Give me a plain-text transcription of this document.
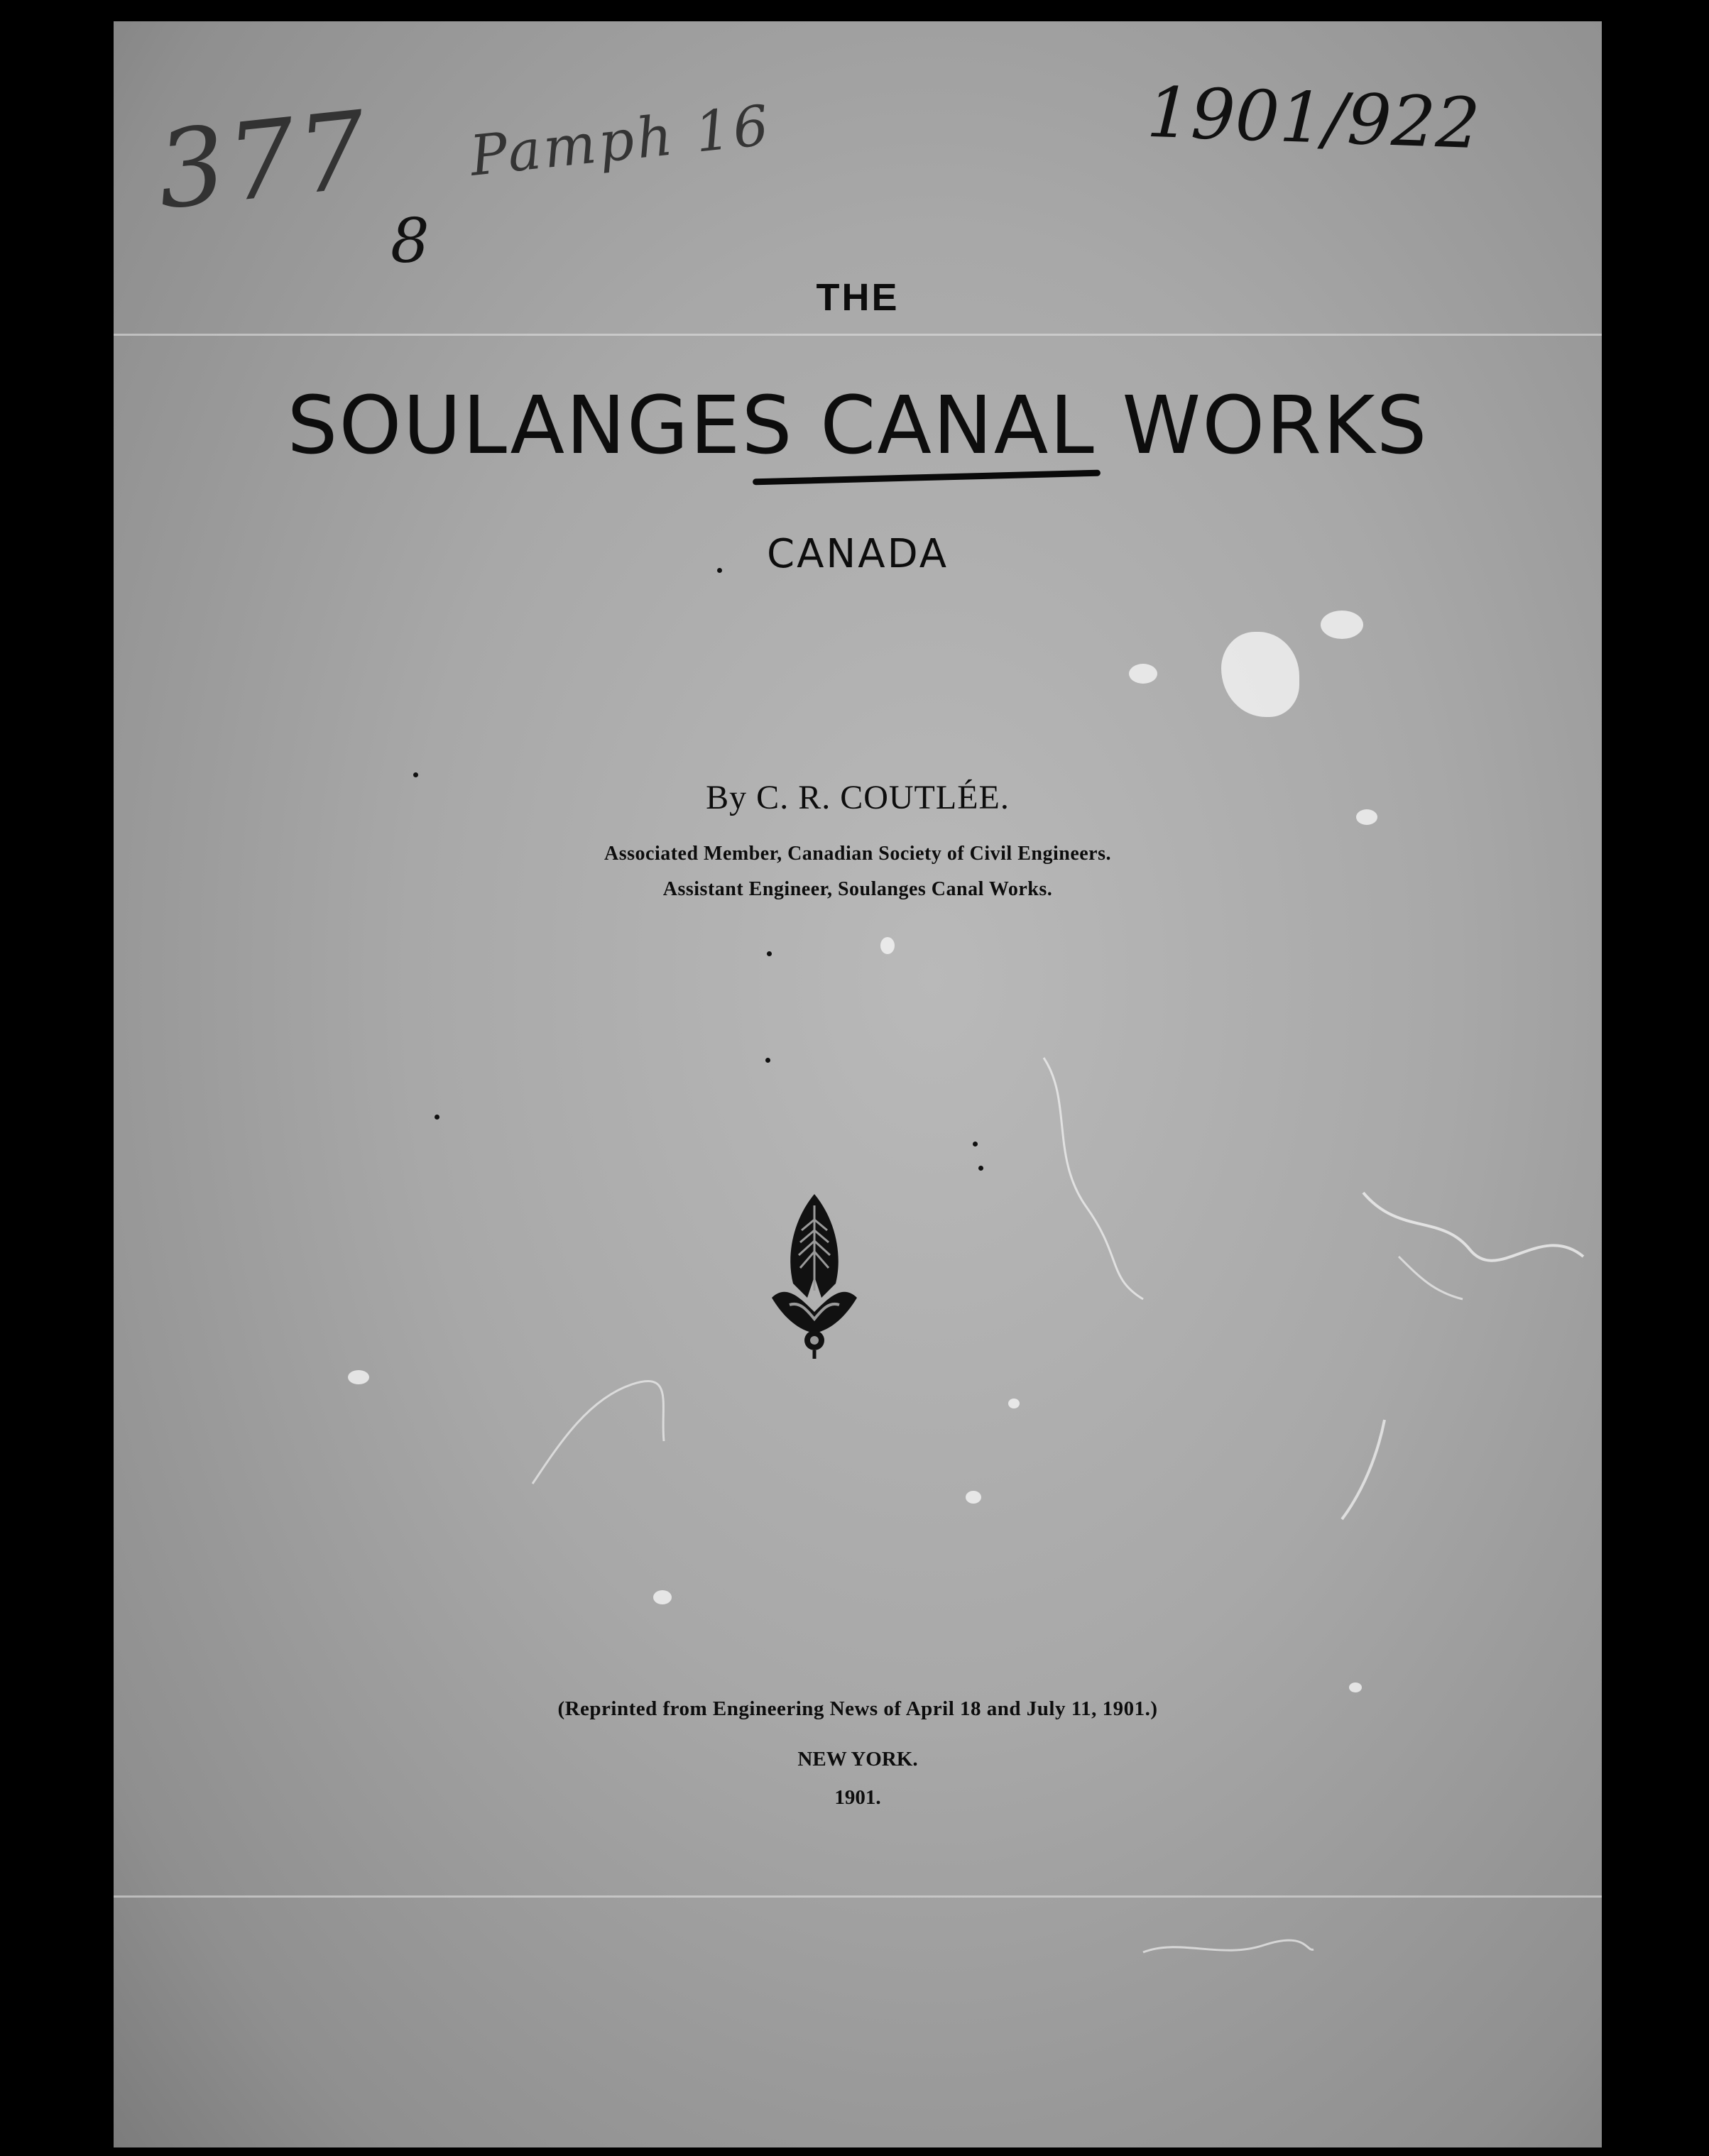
377 Pamph 16	1901/922
8
THE
SOULANGES CANAL WORKS
CANADA
By C. R. COUTLÉE.
Associated Member, Canadian Society of Civil Engineers.
Assistant Engineer, Soulanges Canal Works.
(Reprinted from Engineering News of April 18 and July 11, 1901.)
NEW YORK.
1901.
